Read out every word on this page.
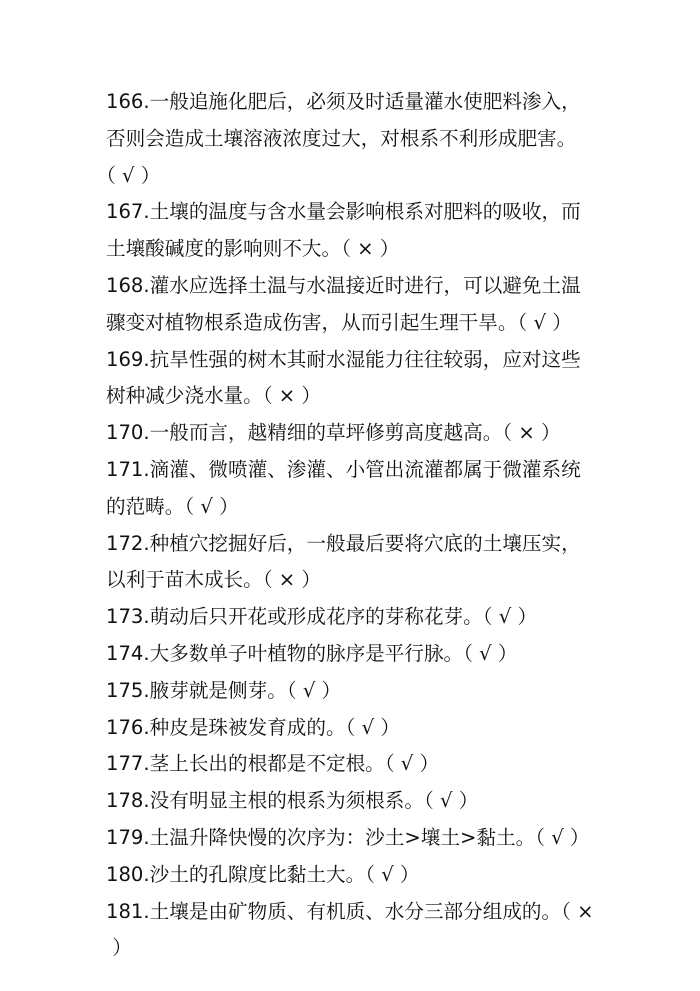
166.一般追施化肥后，必须及时适量灌水使肥料渗入，否则会造成土壤溶液浓度过大，对根系不利形成肥害。（ √ ）

167.土壤的温度与含水量会影响根系对肥料的吸收，而土壤酸碱度的影响则不大。（ × ）

168.灌水应选择土温与水温接近时进行，可以避免土温骤变对植物根系造成伤害，从而引起生理干旱。（ √ ）

169.抗旱性强的树木其耐水湿能力往往较弱，应对这些树种减少浇水量。（ × ）

170.一般而言，越精细的草坪修剪高度越高。（ × ）

171.滴灌、微喷灌、渗灌、小管出流灌都属于微灌系统的范畴。（ √ ）

172.种植穴挖掘好后，一般最后要将穴底的土壤压实，以利于苗木成长。（ × ）

173.萌动后只开花或形成花序的芽称花芽。（ √ ）

174.大多数单子叶植物的脉序是平行脉。（ √ ）

175.腋芽就是侧芽。（ √ ）

176.种皮是珠被发育成的。（ √ ）

177.茎上长出的根都是不定根。（ √ ）

178.没有明显主根的根系为须根系。（ √ ）

179.土温升降快慢的次序为：沙土>壤土>黏土。（ √ ）

180.沙土的孔隙度比黏土大。（ √ ）

181.土壤是由矿物质、有机质、水分三部分组成的。（ × ）
